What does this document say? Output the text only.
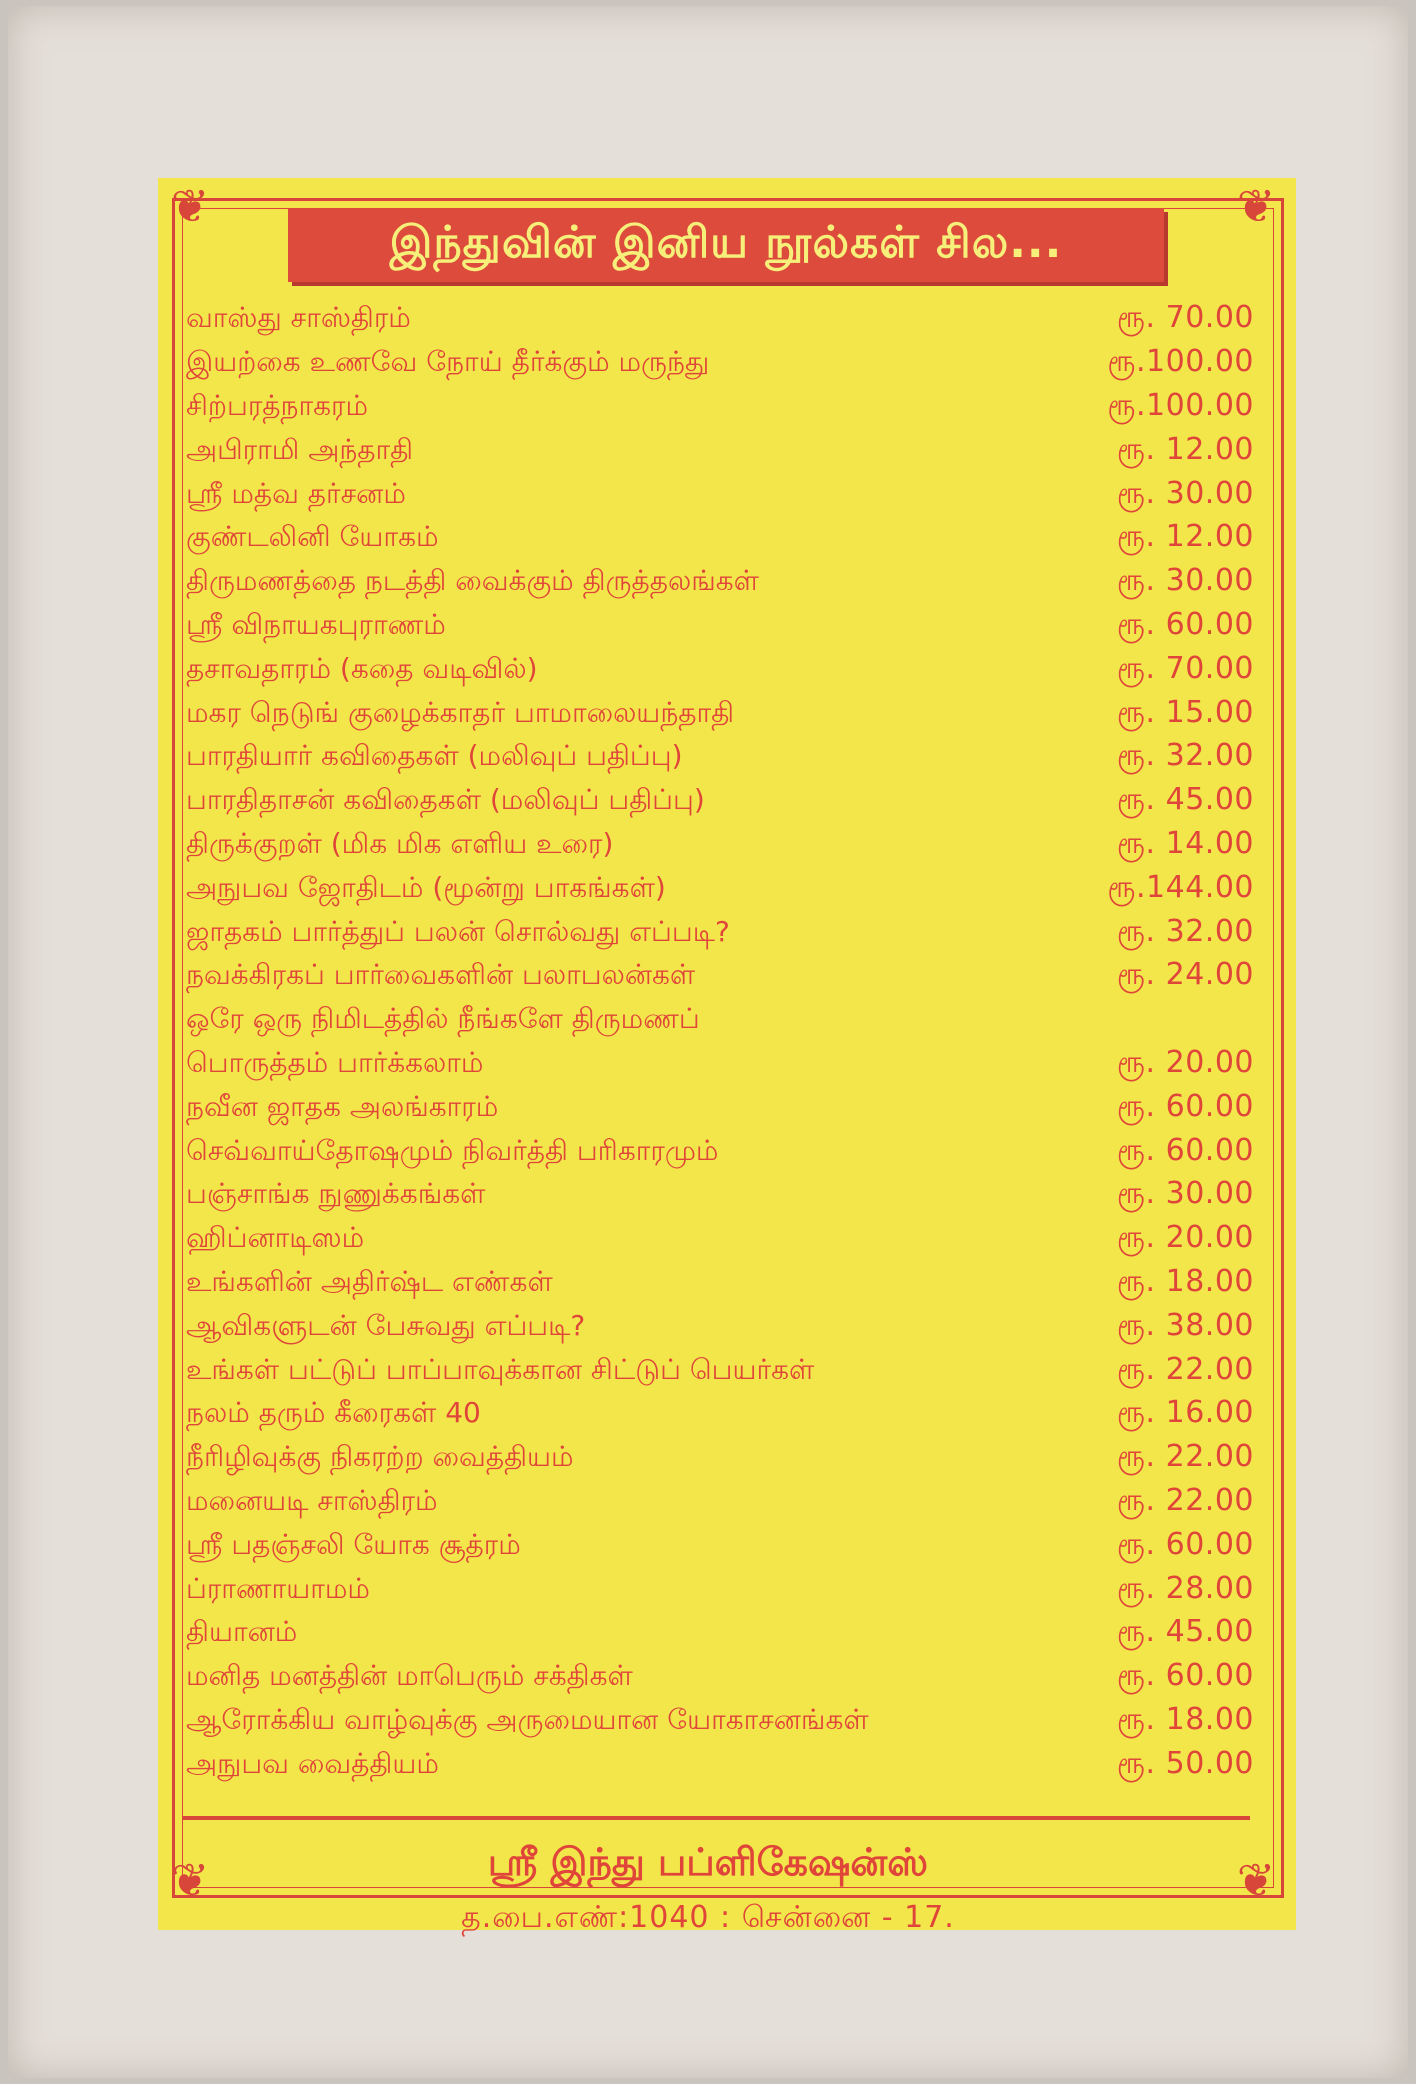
❦	❦
❦	❦
இந்துவின் இனிய நூல்கள் சில...
வாஸ்து சாஸ்திரம்	ரூ. 70.00
இயற்கை உணவே நோய் தீர்க்கும் மருந்து	ரூ.100.00
சிற்பரத்நாகரம்	ரூ.100.00
அபிராமி அந்தாதி	ரூ. 12.00
ஸ்ரீ மத்வ தர்சனம்	ரூ. 30.00
குண்டலினி யோகம்	ரூ. 12.00
திருமணத்தை நடத்தி வைக்கும் திருத்தலங்கள்	ரூ. 30.00
ஸ்ரீ விநாயகபுராணம்	ரூ. 60.00
தசாவதாரம் (கதை வடிவில்)	ரூ. 70.00
மகர நெடுங் குழைக்காதர் பாமாலையந்தாதி	ரூ. 15.00
பாரதியார் கவிதைகள் (மலிவுப் பதிப்பு)	ரூ. 32.00
பாரதிதாசன் கவிதைகள் (மலிவுப் பதிப்பு)	ரூ. 45.00
திருக்குறள் (மிக மிக எளிய உரை)	ரூ. 14.00
அநுபவ ஜோதிடம் (மூன்று பாகங்கள்)	ரூ.144.00
ஜாதகம் பார்த்துப் பலன் சொல்வது எப்படி?	ரூ. 32.00
நவக்கிரகப் பார்வைகளின் பலாபலன்கள்	ரூ. 24.00
ஒரே ஒரு நிமிடத்தில் நீங்களே திருமணப்
பொருத்தம் பார்க்கலாம்	ரூ. 20.00
நவீன ஜாதக அலங்காரம்	ரூ. 60.00
செவ்வாய்தோஷமும் நிவர்த்தி பரிகாரமும்	ரூ. 60.00
பஞ்சாங்க நுணுக்கங்கள்	ரூ. 30.00
ஹிப்னாடிஸம்	ரூ. 20.00
உங்களின் அதிர்ஷ்ட எண்கள்	ரூ. 18.00
ஆவிகளுடன் பேசுவது எப்படி?	ரூ. 38.00
உங்கள் பட்டுப் பாப்பாவுக்கான சிட்டுப் பெயர்கள்	ரூ. 22.00
நலம் தரும் கீரைகள் 40	ரூ. 16.00
நீரிழிவுக்கு நிகரற்ற வைத்தியம்	ரூ. 22.00
மனையடி சாஸ்திரம்	ரூ. 22.00
ஸ்ரீ பதஞ்சலி யோக சூத்ரம்	ரூ. 60.00
ப்ராணாயாமம்	ரூ. 28.00
தியானம்	ரூ. 45.00
மனித மனத்தின் மாபெரும் சக்திகள்	ரூ. 60.00
ஆரோக்கிய வாழ்வுக்கு அருமையான யோகாசனங்கள்	ரூ. 18.00
அநுபவ வைத்தியம்	ரூ. 50.00
ஸ்ரீ இந்து பப்ளிகேஷன்ஸ்
த.பை.எண்:1040 : சென்னை - 17.
